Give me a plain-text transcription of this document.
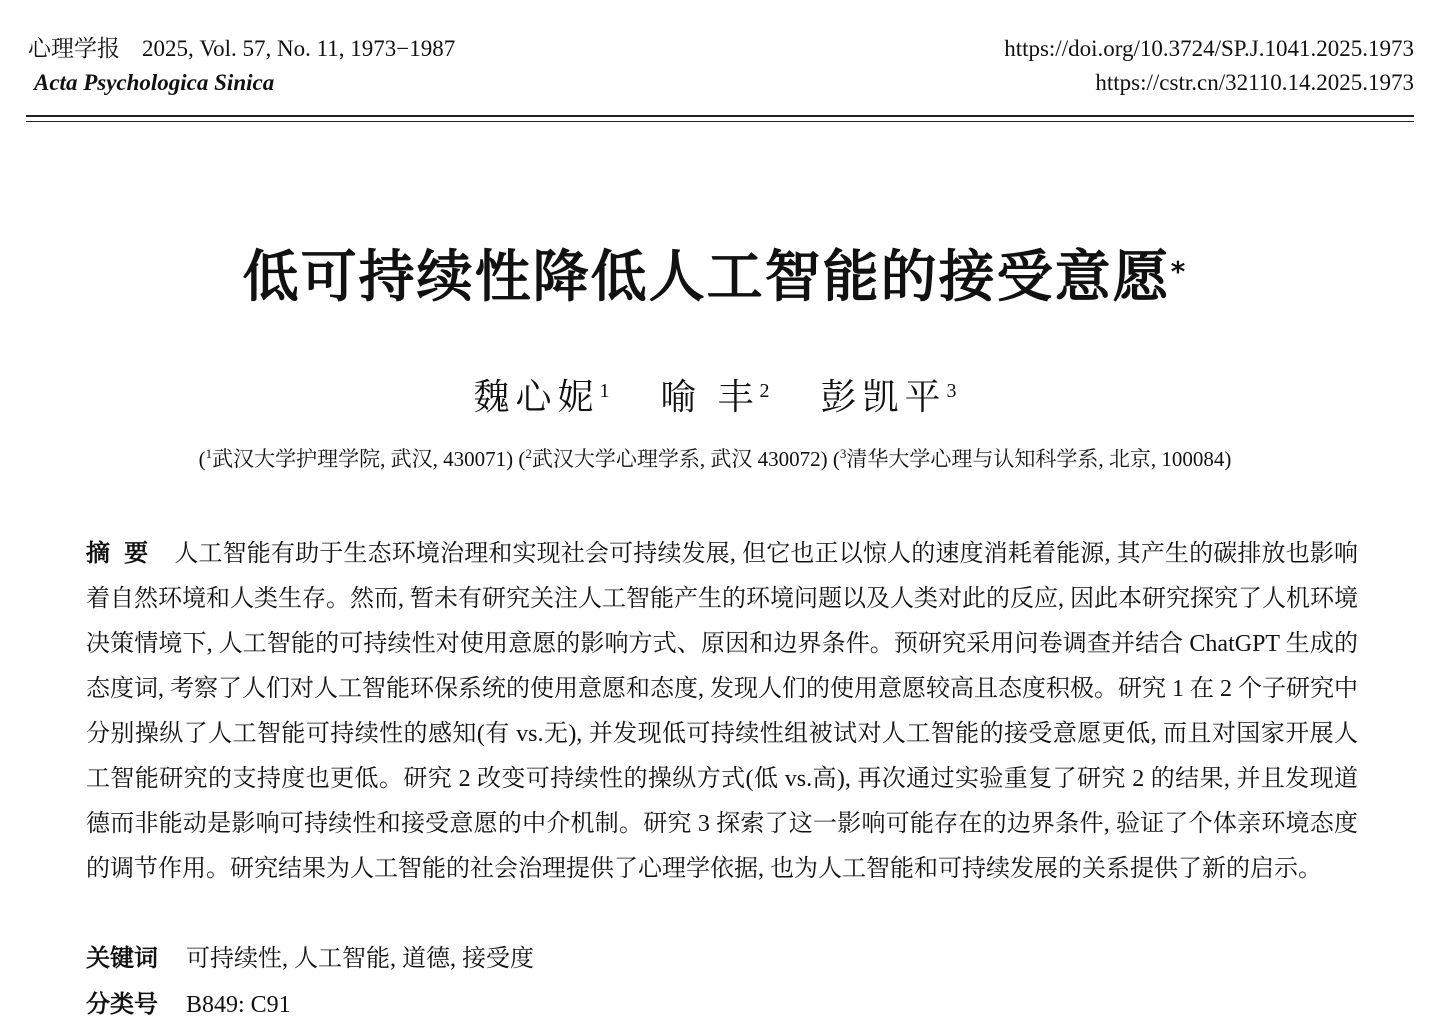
心理学报 2025, Vol. 57, No. 11, 1973−1987
Acta Psychologica Sinica
https://doi.org/10.3724/SP.J.1041.2025.1973
https://cstr.cn/32110.14.2025.1973
低可持续性降低人工智能的接受意愿*
魏心妮$^1$ 喻 丰$^2$ 彭凯平$^3$
($^1$武汉大学护理学院, 武汉, 430071) ($^2$武汉大学心理学系, 武汉 430072) ($^3$清华大学心理与认知科学系, 北京, 100084)
摘要 人工智能有助于生态环境治理和实现社会可持续发展, 但它也正以惊人的速度消耗着能源, 其产生的碳排放也影响着自然环境和人类生存。然而, 暂未有研究关注人工智能产生的环境问题以及人类对此的反应, 因此本研究探究了人机环境决策情境下, 人工智能的可持续性对使用意愿的影响方式、原因和边界条件。预研究采用问卷调查并结合 ChatGPT 生成的态度词, 考察了人们对人工智能环保系统的使用意愿和态度, 发现人们的使用意愿较高且态度积极。研究 1 在 2 个子研究中分别操纵了人工智能可持续性的感知(有 vs.无), 并发现低可持续性组被试对人工智能的接受意愿更低, 而且对国家开展人工智能研究的支持度也更低。研究 2 改变可持续性的操纵方式(低 vs.高), 再次通过实验重复了研究 2 的结果, 并且发现道德而非能动是影响可持续性和接受意愿的中介机制。研究 3 探索了这一影响可能存在的边界条件, 验证了个体亲环境态度的调节作用。研究结果为人工智能的社会治理提供了心理学依据, 也为人工智能和可持续发展的关系提供了新的启示。
关键词 可持续性, 人工智能, 道德, 接受度
分类号 B849: C91
